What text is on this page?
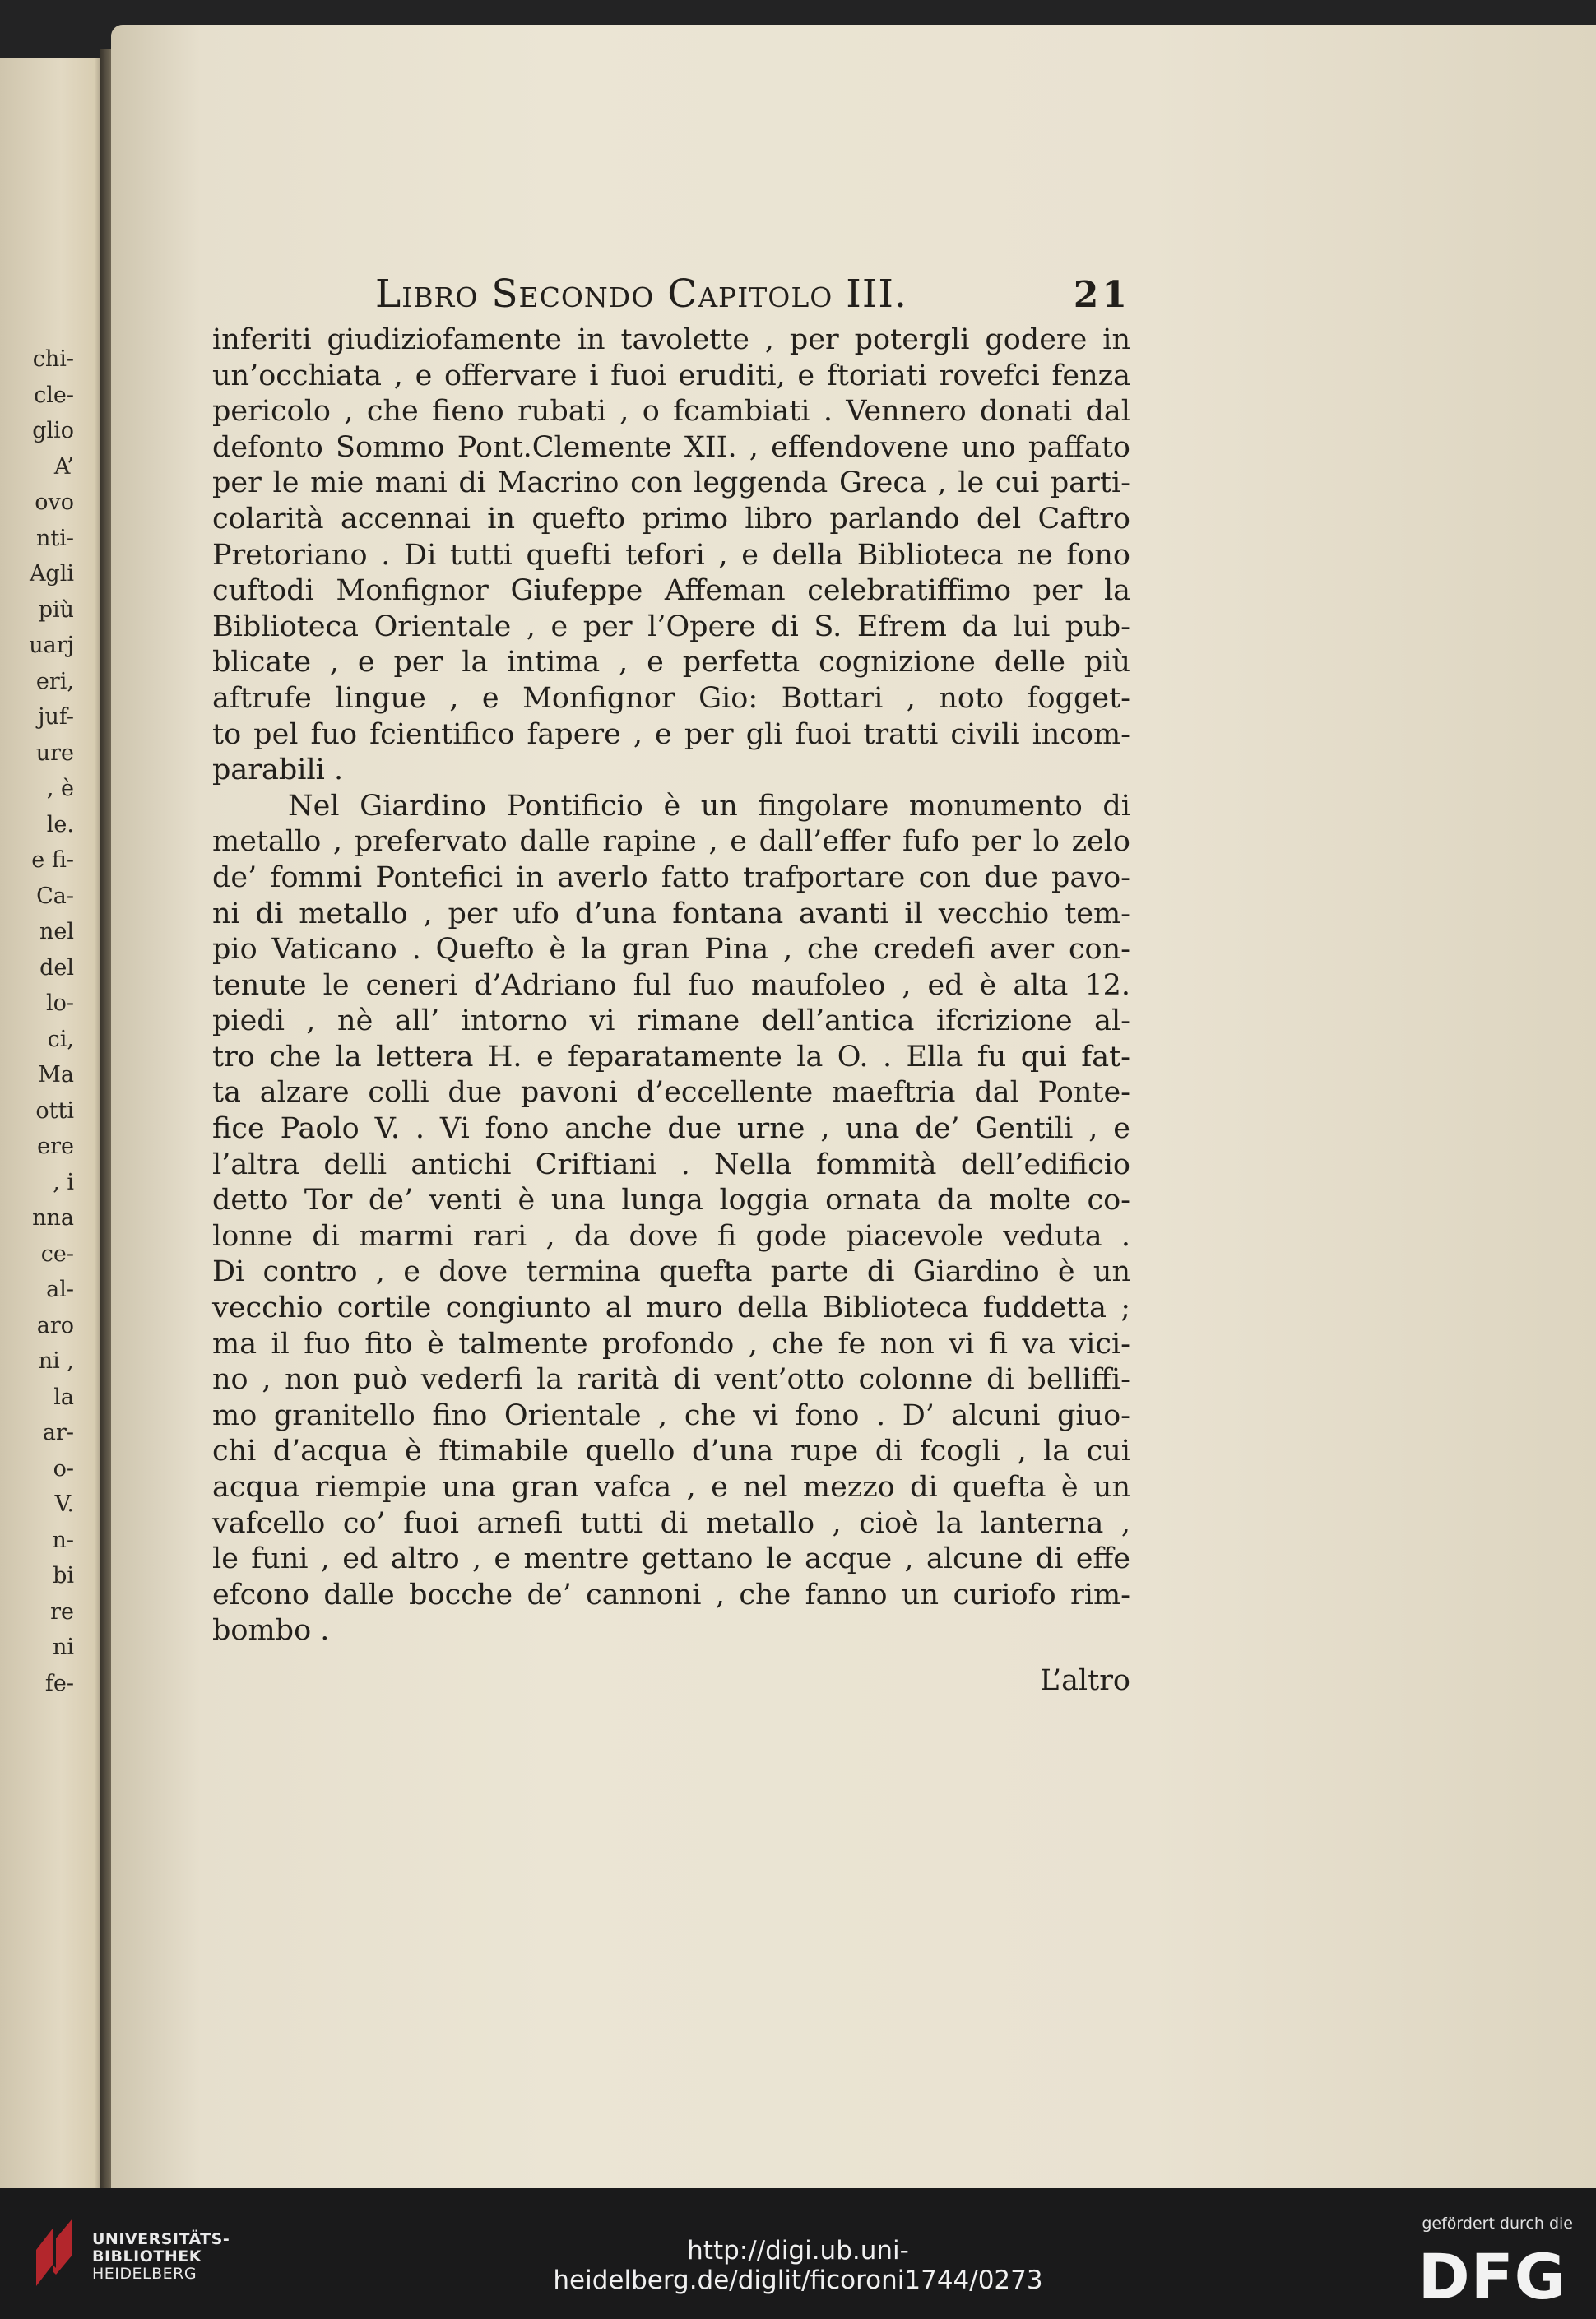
chi-
cle-
glio
A’
ovo
nti-
Agli
più
uarj
eri,
juf-
ure
, è
le.
e fi-
Ca-
nel
del
lo-
ci,
Ma
otti
ere
, i
nna
ce-
al-
aro
ni ,
la
ar-
o-
V.
n-
bi
re
ni
fe-
Libro Secondo Capitolo III.	21
inferiti giudiziofamente in tavolette , per potergli godere in
un’occhiata , e offervare i fuoi eruditi, e ftoriati rovefci fenza
pericolo , che fieno rubati , o fcambiati . Vennero donati dal
defonto Sommo Pont.Clemente XII. , effendovene uno paffato
per le mie mani di Macrino con leggenda Greca , le cui parti-
colarità accennai in quefto primo libro parlando del Caftro
Pretoriano . Di tutti quefti tefori , e della Biblioteca ne fono
cuftodi Monfignor Giufeppe Affeman celebratiffimo per la
Biblioteca Orientale , e per l’Opere di S. Efrem da lui pub-
blicate , e per la intima , e perfetta cognizione delle più
aftrufe lingue , e Monfignor Gio: Bottari , noto fogget-
to pel fuo fcientifico fapere , e per gli fuoi tratti civili incom-
parabili .
Nel Giardino Pontificio è un fingolare monumento di
metallo , prefervato dalle rapine , e dall’effer fufo per lo zelo
de’ fommi Pontefici in averlo fatto trafportare con due pavo-
ni di metallo , per ufo d’una fontana avanti il vecchio tem-
pio Vaticano . Quefto è la gran Pina , che credefi aver con-
tenute le ceneri d’Adriano ful fuo maufoleo , ed è alta 12.
piedi , nè all’ intorno vi rimane dell’antica ifcrizione al-
tro che la lettera H. e feparatamente la O. . Ella fu qui fat-
ta alzare colli due pavoni d’eccellente maeftria dal Ponte-
fice Paolo V. . Vi fono anche due urne , una de’ Gentili , e
l’altra delli antichi Criftiani . Nella fommità dell’edificio
detto Tor de’ venti è una lunga loggia ornata da molte co-
lonne di marmi rari , da dove fi gode piacevole veduta .
Di contro , e dove termina quefta parte di Giardino è un
vecchio cortile congiunto al muro della Biblioteca fuddetta ;
ma il fuo fito è talmente profondo , che fe non vi fi va vici-
no , non può vederfi la rarità di vent’otto colonne di belliffi-
mo granitello fino Orientale , che vi fono . D’ alcuni giuo-
chi d’acqua è ftimabile quello d’una rupe di fcogli , la cui
acqua riempie una gran vafca , e nel mezzo di quefta è un
vafcello co’ fuoi arnefi tutti di metallo , cioè la lanterna ,
le funi , ed altro , e mentre gettano le acque , alcune di effe
efcono dalle bocche de’ cannoni , che fanno un curiofo rim-
bombo .
L’altro
UNIVERSITÄTS-
BIBLIOTHEK
HEIDELBERG
http://digi.ub.uni-heidelberg.de/diglit/ficoroni1744/0273
gefördert durch die
DFG
